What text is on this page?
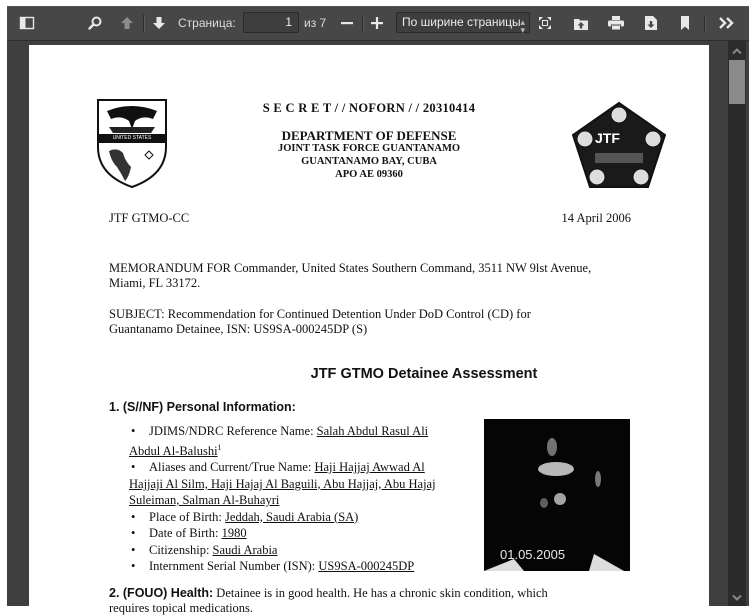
Страница:	1	из 7	По ширине страницы ▴
▾
UNITED STATES SOUTHERN COMMAND
JTF
S E C R E T / / NOFORN / / 20310414
DEPARTMENT OF DEFENSE
JOINT TASK FORCE GUANTANAMO
GUANTANAMO BAY, CUBA
APO AE 09360
JTF GTMO-CC	14 April 2006
MEMORANDUM FOR Commander, United States Southern Command, 3511 NW 9lst Avenue,
Miami, FL 33172.
SUBJECT: Recommendation for Continued Detention Under DoD Control (CD) for
Guantanamo Detainee, ISN: US9SA-000245DP (S)
JTF GTMO Detainee Assessment
1. (S//NF) Personal Information:
• JDIMS/NDRC Reference Name: Salah Abdul Rasul Ali
Abdul Al-Balushi$^1$
• Aliases and Current/True Name: Haji Hajjaj Awwad Al
Hajjaji Al Silm, Haji Hajaj Al Baguili, Abu Hajjaj, Abu Hajaj
Suleiman, Salman Al-Buhayri
• Place of Birth: Jeddah, Saudi Arabia (SA)
• Date of Birth: 1980
• Citizenship: Saudi Arabia
• Internment Serial Number (ISN): US9SA-000245DP
01.05.2005
2. (FOUO) Health: Detainee is in good health. He has a chronic skin condition, which
requires topical medications.
